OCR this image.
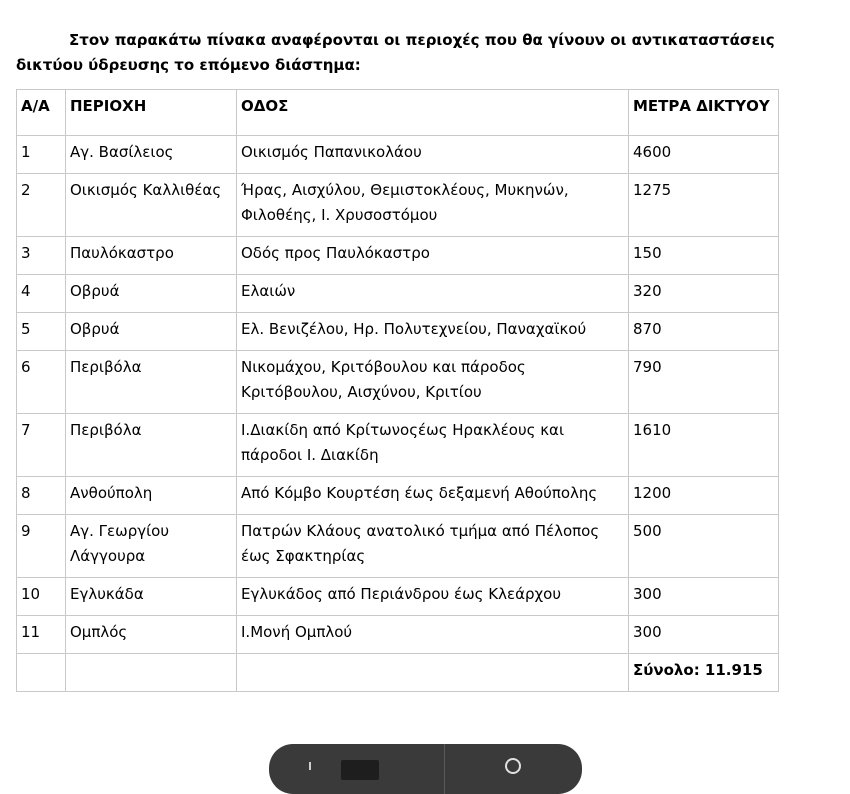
Στον παρακάτω πίνακα αναφέρονται οι περιοχές που θα γίνουν οι αντικαταστάσεις δικτύου ύδρευσης το επόμενο διάστημα:

Α/Α	ΠΕΡΙΟΧΗ	ΟΔΟΣ	ΜΕΤΡΑ ΔΙΚΤΥΟΥ
1	Αγ. Βασίλειος	Οικισμός Παπανικολάου	4600
2	Οικισμός Καλλιθέας	Ήρας, Αισχύλου, Θεμιστοκλέους, Μυκηνών, Φιλοθέης, Ι. Χρυσοστόμου	1275
3	Παυλόκαστρο	Οδός προς Παυλόκαστρο	150
4	Οβρυά	Ελαιών	320
5	Οβρυά	Ελ. Βενιζέλου, Ηρ. Πολυτεχνείου, Παναχαϊκού	870
6	Περιβόλα	Νικομάχου, Κριτόβουλου και πάροδος Κριτόβουλου, Αισχύνου, Κριτίου	790
7	Περιβόλα	Ι.Διακίδη από Κρίτωνοςέως Ηρακλέους και πάροδοι Ι. Διακίδη	1610
8	Ανθούπολη	Από Κόμβο Κουρτέση έως δεξαμενή Αθούπολης	1200
9	Αγ. Γεωργίου Λάγγουρα	Πατρών Κλάους ανατολικό τμήμα από Πέλοπος έως Σφακτηρίας	500
10	Εγλυκάδα	Εγλυκάδος από Περιάνδρου έως Κλεάρχου	300
11	Ομπλός	Ι.Μονή Ομπλού	300
			Σύνολο: 11.915
